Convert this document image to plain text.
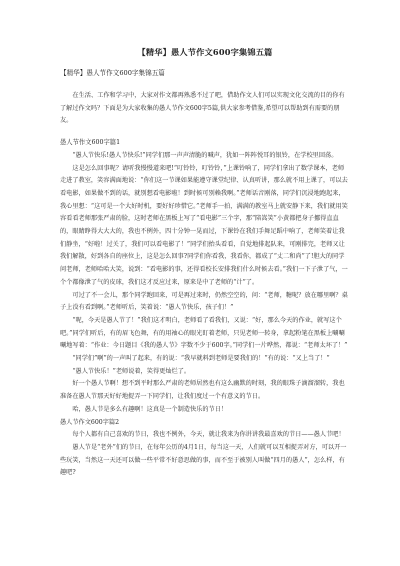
【精华】愚人节作文600字集锦五篇

【精华】愚人节作文600字集锦五篇

在生活、工作和学习中，大家对作文都再熟悉不过了吧，借助作文人们可以实现文化交流的目的你有了解过作文吗？下面是为大家收集的愚人节作文600字5篇,供大家参考借鉴,希望可以帮助到有需要的朋友。

愚人节作文600字篇1

“愚人节快乐!愚人节快乐!”同学们那一声声清脆的喊声，犹如一阵阵悦耳的银铃，在学校里回荡。

这是怎么回事呢？请听我慢慢道来吧!“叮铃铃，叮铃铃，”上课铃响了，同学们拿出了数学课本，老师走进了教室，笑容满面地说：“你们这一节课如果能遵守课堂纪律、认真听讲，那么就不用上课了，可以去看电影，如果做不到的话，就别想看电影啦！到时候可别赖我啊。”老师话音刚落，同学们沉浸地跑起来，我心里想：“这可是一个大好时机，要好好珍惜它。”老师手一拍，满满的教室马上就安静下来，我们就用笑容看看老师那张严肃的脸，这时老师在黑板上写了“看电影”三个字，那“陪嵩笑”小黄都把身子挪得直直的，眼睛睁得大大大的，我也不例外，四十分钟一晃而过，下课铃在我们手舞足蹈中响了，老师笑着让我们静坐，“好啦！过关了，我们可以看电影了！”同学们抬头看看，自觉地排起队来，可刚排完，老师又让我们解散，好到各自的座位上，这是怎么回事?同学们你看我，我看你，都成了“丈二和尚”了!胆大的同学问老师，老师哈哈大笑，说到：“看电影的事，还得看校长安排我们什么时候去看。”我们一下子泄了气，一个个都像泄了气的皮球，我们这才反应过来，原来是中了老师的“计”了。

可过了不一会儿，那个同学跑回来，可是再过来时，仍然空空的，问：“老师，糖呢？放在哪里啊？桌子上没有看到啊。”老师听后，笑着说：“愚人节快乐，孩子们！”

“呢，今天是愚人节了！”我们这才明白，老师看了看我们，又说：“好，那么今天的作业，就写这个吧。”同学们听后，有的眉飞色舞，有的用袖心的眼光盯着老师，只见老师一转身，拿起粉笔在黑板上唰唰唰地写着：“作业：今日题目《我的愚人节》字数不少于600字。”同学们一片哗然，都说：“老师太坏了！”

“同学们”啊”的一声叫了起来，有的说：“我早就料到老师是要我们的！”有的说：“又上当了！”

“愚人节快乐！”老师说着，笑得更灿烂了。

好一个愚人节啊！想不到平时那么严肃的老师居然也有这么幽默的时刻，我的眼珠子滴溜溜转，我也准备在愚人节那天好好地捉弄一下同学们，让我们度过一个有意义的节日。

哈，愚人节是多么有趣啊！这真是一个制造快乐的节日！

愚人节作文600字篇2

每个人都有自己喜欢的节日，我也不例外，今天，就让我来为你讲讲我最喜欢的节日——愚人节吧！

愚人节是“老外”们的节日，在每年公历的4月1日，每当这一天，人们就可以互相捉弄对方，可以开一些玩笑，当然这一天还可以做一些平常不好意思做的事，而不至于被别人叫做“四月的愚人”，怎么样，有趣吧?
